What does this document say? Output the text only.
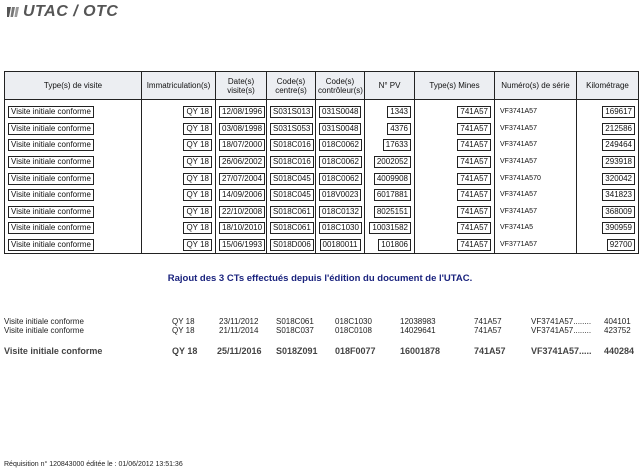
UTAC / OTC
Type(s) de visite	Immatriculation(s)	Date(s) visite(s)	Code(s) centre(s)	Code(s) contrôleur(s)	N° PV	Type(s) Mines	Numéro(s) de série	Kilométrage

Visite initiale conforme	QY 18	12/08/1996	S031S013	031S0048	1343	741A57	VF3741A57	169617
Visite initiale conforme	QY 18	03/08/1998	S031S053	031S0048	4376	741A57	VF3741A57	212586
Visite initiale conforme	QY 18	18/07/2000	S018C016	018C0062	17633	741A57	VF3741A57	249464
Visite initiale conforme	QY 18	26/06/2002	S018C016	018C0062	2002052	741A57	VF3741A57	293918
Visite initiale conforme	QY 18	27/07/2004	S018C045	018C0062	4009908	741A57	VF3741A570	320042
Visite initiale conforme	QY 18	14/09/2006	S018C045	018V0023	6017881	741A57	VF3741A57	341823
Visite initiale conforme	QY 18	22/10/2008	S018C061	018C0132	8025151	741A57	VF3741A57	368009
Visite initiale conforme	QY 18	18/10/2010	S018C061	018C1030	10031582	741A57	VF3741A5	390959
Visite initiale conforme	QY 18	15/06/1993	S018D006	00180011	101806	741A57	VF3771A57	92700
Rajout des 3 CTs effectués depuis l'édition du document de l'UTAC.
Visite initiale conforme	QY 18	23/11/2012 S018C061	018C1030	12038983	741A57	VF3741A57........ 404101
Visite initiale conforme	QY 18	21/11/2014 S018C037	018C0108	14029641	741A57	VF3741A57........ 423752
Visite initiale conforme	QY 18 25/11/2016 S018Z091 018F0077	16001878	741A57	VF3741A57..... 440284
Réquisition n° 120843000 éditée le : 01/06/2012 13:51:36
